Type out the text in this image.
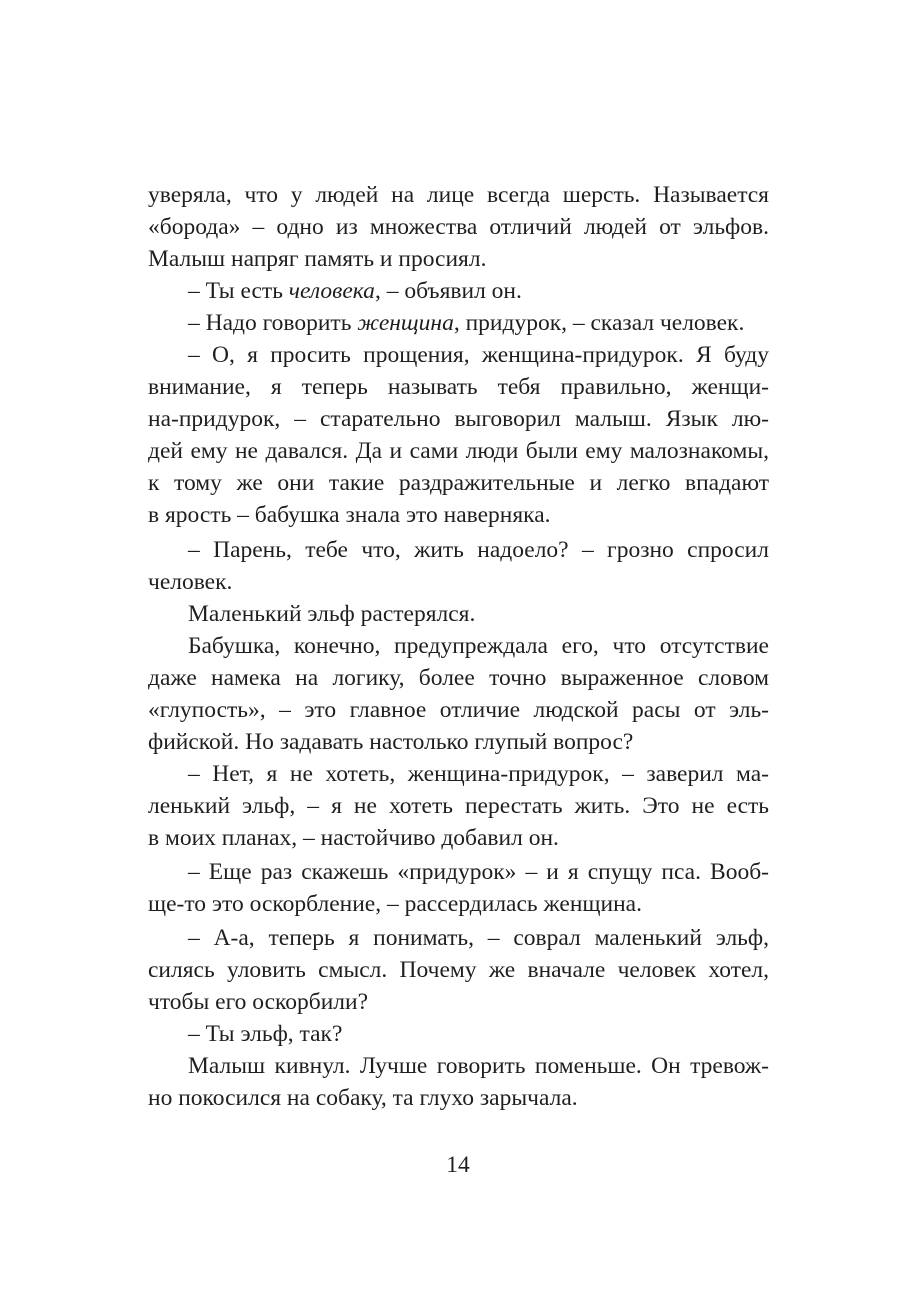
уверяла, что у людей на лице всегда шерсть. Называется
«борода» – одно из множества отличий людей от эльфов.
Малыш напряг память и просиял.
– Ты есть человека, – объявил он.
– Надо говорить женщина, придурок, – сказал человек.
– О, я просить прощения, женщина-придурок. Я буду
внимание, я теперь называть тебя правильно, женщи-
на-придурок, – старательно выговорил малыш. Язык лю-
дей ему не давался. Да и сами люди были ему малознакомы,
к тому же они такие раздражительные и легко впадают
в ярость – бабушка знала это наверняка.
– Парень, тебе что, жить надоело? – грозно спросил
человек.
Маленький эльф растерялся.
Бабушка, конечно, предупреждала его, что отсутствие
даже намека на логику, более точно выраженное словом
«глупость», – это главное отличие людской расы от эль-
фийской. Но задавать настолько глупый вопрос?
– Нет, я не хотеть, женщина-придурок, – заверил ма-
ленький эльф, – я не хотеть перестать жить. Это не есть
в моих планах, – настойчиво добавил он.
– Еще раз скажешь «придурок» – и я спущу пса. Вооб-
ще-то это оскорбление, – рассердилась женщина.
– А-а, теперь я понимать, – соврал маленький эльф,
силясь уловить смысл. Почему же вначале человек хотел,
чтобы его оскорбили?
– Ты эльф, так?
Малыш кивнул. Лучше говорить поменьше. Он тревож-
но покосился на собаку, та глухо зарычала.
14
